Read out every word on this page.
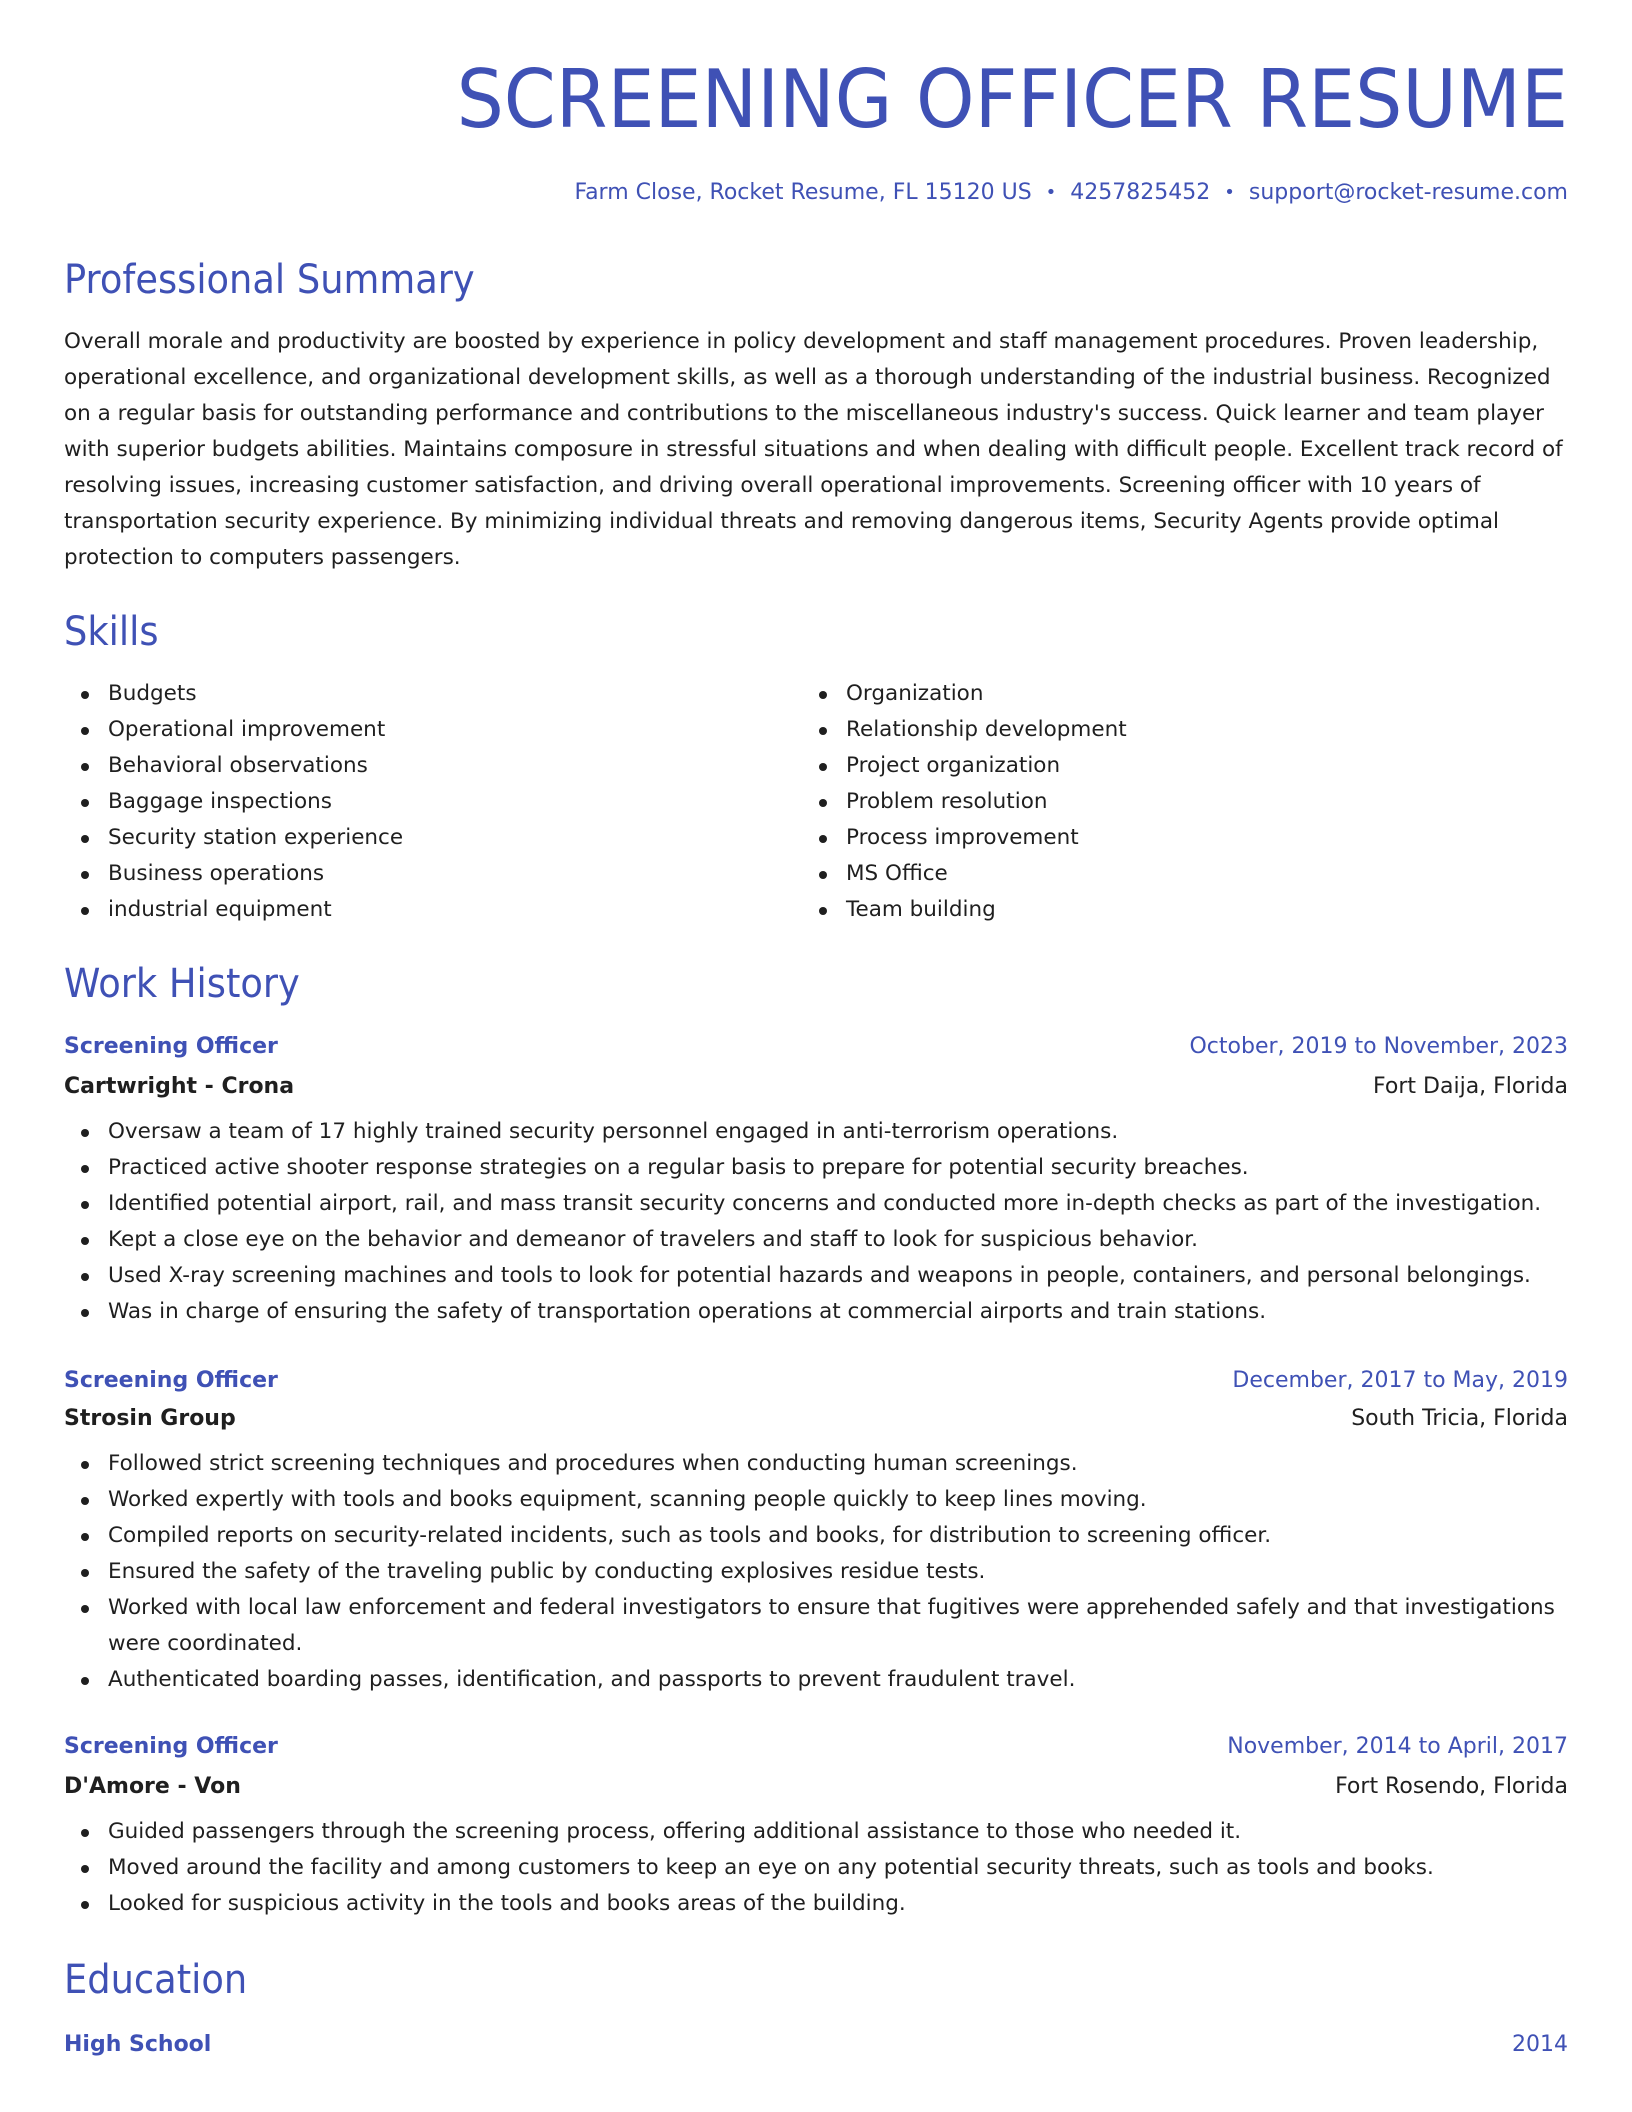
SCREENING OFFICER RESUME
Farm Close, Rocket Resume, FL 15120 US • 4257825452 • support@rocket-resume.com
Professional Summary

Overall morale and productivity are boosted by experience in policy development and staff management procedures. Proven leadership, operational excellence, and organizational development skills, as well as a thorough understanding of the industrial business. Recognized on a regular basis for outstanding performance and contributions to the miscellaneous industry's success. Quick learner and team player with superior budgets abilities. Maintains composure in stressful situations and when dealing with difficult people. Excellent track record of resolving issues, increasing customer satisfaction, and driving overall operational improvements. Screening officer with 10 years of transportation security experience. By minimizing individual threats and removing dangerous items, Security Agents provide optimal protection to computers passengers.

Skills
Budgets
Operational improvement
Behavioral observations
Baggage inspections
Security station experience
Business operations
industrial equipment
Organization
Relationship development
Project organization
Problem resolution
Process improvement
MS Office
Team building
Work History
Screening Officer	October, 2019 to November, 2023
Cartwright - Crona	Fort Daija, Florida
Oversaw a team of 17 highly trained security personnel engaged in anti-terrorism operations.
Practiced active shooter response strategies on a regular basis to prepare for potential security breaches.
Identified potential airport, rail, and mass transit security concerns and conducted more in-depth checks as part of the investigation.
Kept a close eye on the behavior and demeanor of travelers and staff to look for suspicious behavior.
Used X-ray screening machines and tools to look for potential hazards and weapons in people, containers, and personal belongings.
Was in charge of ensuring the safety of transportation operations at commercial airports and train stations.
Screening Officer	December, 2017 to May, 2019
Strosin Group	South Tricia, Florida
Followed strict screening techniques and procedures when conducting human screenings.
Worked expertly with tools and books equipment, scanning people quickly to keep lines moving.
Compiled reports on security-related incidents, such as tools and books, for distribution to screening officer.
Ensured the safety of the traveling public by conducting explosives residue tests.
Worked with local law enforcement and federal investigators to ensure that fugitives were apprehended safely and that investigations were coordinated.
Authenticated boarding passes, identification, and passports to prevent fraudulent travel.
Screening Officer	November, 2014 to April, 2017
D'Amore - Von	Fort Rosendo, Florida
Guided passengers through the screening process, offering additional assistance to those who needed it.
Moved around the facility and among customers to keep an eye on any potential security threats, such as tools and books.
Looked for suspicious activity in the tools and books areas of the building.
Education
High School	2014
